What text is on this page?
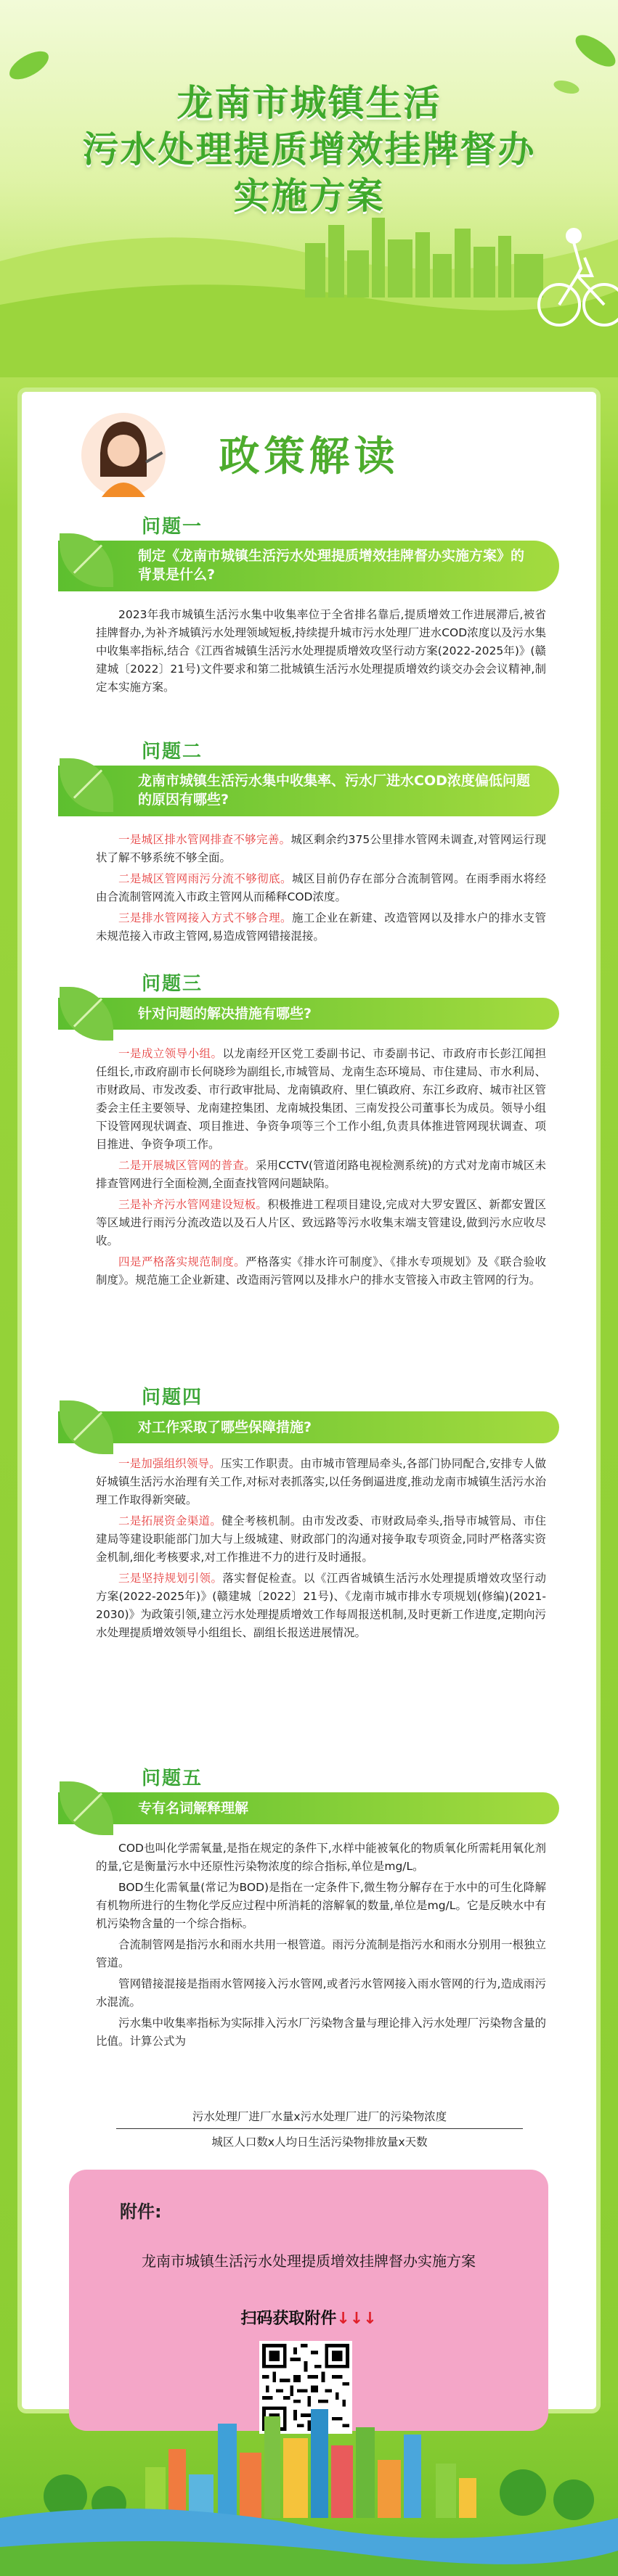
龙南市城镇生活
污水处理提质增效挂牌督办
实施方案
政策解读
问题一
制定《龙南市城镇生活污水处理提质增效挂牌督办实施方案》的背景是什么?

2023年我市城镇生活污水集中收集率位于全省排名靠后,提质增效工作进展滞后,被省挂牌督办,为补齐城镇污水处理领域短板,持续提升城市污水处理厂进水COD浓度以及污水集中收集率指标,结合《江西省城镇生活污水处理提质增效攻坚行动方案(2022-2025年)》(赣建城〔2022〕21号)文件要求和第二批城镇生活污水处理提质增效约谈交办会会议精神,制定本实施方案。

问题二
龙南市城镇生活污水集中收集率、污水厂进水COD浓度偏低问题的原因有哪些?

一是城区排水管网排查不够完善。城区剩余约375公里排水管网未调查,对管网运行现状了解不够系统不够全面。

二是城区管网雨污分流不够彻底。城区目前仍存在部分合流制管网。在雨季雨水将经由合流制管网流入市政主管网从而稀释COD浓度。

三是排水管网接入方式不够合理。施工企业在新建、改造管网以及排水户的排水支管未规范接入市政主管网,易造成管网错接混接。

问题三
针对问题的解决措施有哪些?

一是成立领导小组。以龙南经开区党工委副书记、市委副书记、市政府市长彭江闻担任组长,市政府副市长何晓珍为副组长,市城管局、龙南生态环境局、市住建局、市水利局、市财政局、市发改委、市行政审批局、龙南镇政府、里仁镇政府、东江乡政府、城市社区管委会主任主要领导、龙南建控集团、龙南城投集团、三南发投公司董事长为成员。领导小组下设管网现状调查、项目推进、争资争项等三个工作小组,负责具体推进管网现状调查、项目推进、争资争项工作。

二是开展城区管网的普查。采用CCTV(管道闭路电视检测系统)的方式对龙南市城区未排查管网进行全面检测,全面查找管网问题缺陷。

三是补齐污水管网建设短板。积极推进工程项目建设,完成对大罗安置区、新都安置区等区域进行雨污分流改造以及石人片区、致远路等污水收集末端支管建设,做到污水应收尽收。

四是严格落实规范制度。严格落实《排水许可制度》、《排水专项规划》及《联合验收制度》。规范施工企业新建、改造雨污管网以及排水户的排水支管接入市政主管网的行为。

问题四
对工作采取了哪些保障措施?

一是加强组织领导。压实工作职责。由市城市管理局牵头,各部门协同配合,安排专人做好城镇生活污水治理有关工作,对标对表抓落实,以任务倒逼进度,推动龙南市城镇生活污水治理工作取得新突破。

二是拓展资金渠道。健全考核机制。由市发改委、市财政局牵头,指导市城管局、市住建局等建设职能部门加大与上级城建、财政部门的沟通对接争取专项资金,同时严格落实资金机制,细化考核要求,对工作推进不力的进行及时通报。

三是坚持规划引领。落实督促检查。以《江西省城镇生活污水处理提质增效攻坚行动方案(2022-2025年)》(赣建城〔2022〕21号)、《龙南市城市排水专项规划(修编)(2021-2030)》为政策引领,建立污水处理提质增效工作每周报送机制,及时更新工作进度,定期向污水处理提质增效领导小组组长、副组长报送进展情况。

问题五
专有名词解释理解

COD也叫化学需氧量,是指在规定的条件下,水样中能被氧化的物质氧化所需耗用氧化剂的量,它是衡量污水中还原性污染物浓度的综合指标,单位是mg/L。

BOD生化需氧量(常记为BOD)是指在一定条件下,微生物分解存在于水中的可生化降解有机物所进行的生物化学反应过程中所消耗的溶解氧的数量,单位是mg/L。它是反映水中有机污染物含量的一个综合指标。

合流制管网是指污水和雨水共用一根管道。雨污分流制是指污水和雨水分别用一根独立管道。

管网错接混接是指雨水管网接入污水管网,或者污水管网接入雨水管网的行为,造成雨污水混流。

污水集中收集率指标为实际排入污水厂污染物含量与理论排入污水处理厂污染物含量的比值。计算公式为

污水处理厂进厂水量x污水处理厂进厂的污染物浓度
城区人口数x人均日生活污染物排放量x天数
附件:
龙南市城镇生活污水处理提质增效挂牌督办实施方案
扫码获取附件↓↓↓
